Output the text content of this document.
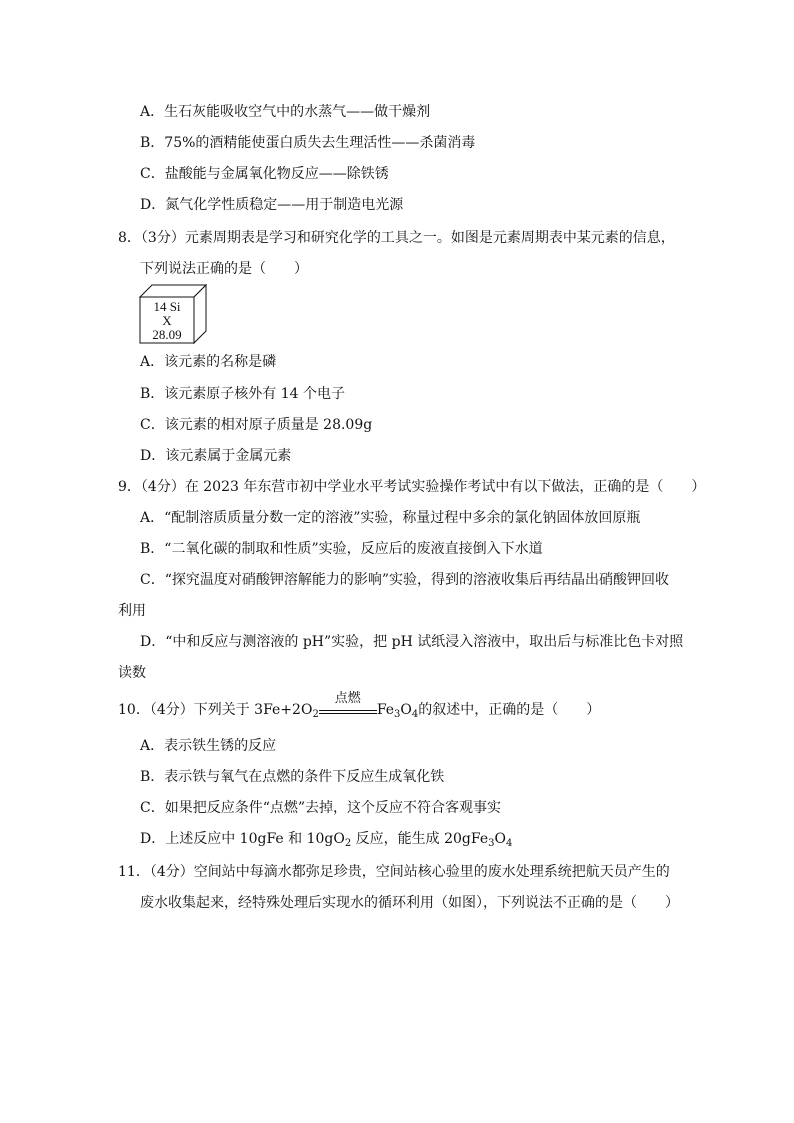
A．生石灰能吸收空气中的水蒸气——做干燥剂
B．75%的酒精能使蛋白质失去生理活性——杀菌消毒
C．盐酸能与金属氧化物反应——除铁锈
D．氮气化学性质稳定——用于制造电光源
8．（3分）元素周期表是学习和研究化学的工具之一。如图是元素周期表中某元素的信息，
下列说法正确的是（　　）
14 Si
X
28.09
A．该元素的名称是磷
B．该元素原子核外有 14 个电子
C．该元素的相对原子质量是 28.09g
D．该元素属于金属元素
9．（4分）在 2023 年东营市初中学业水平考试实验操作考试中有以下做法，正确的是（　　）
A．“配制溶质质量分数一定的溶液”实验，称量过程中多余的氯化钠固体放回原瓶
B．“二氧化碳的制取和性质”实验，反应后的废液直接倒入下水道
C．“探究温度对硝酸钾溶解能力的影响”实验，得到的溶液收集后再结晶出硝酸钾回收
利用
D．“中和反应与测溶液的 pH”实验，把 pH 试纸浸入溶液中，取出后与标准比色卡对照
读数
10．（4分）下列关于 $3Fe+2O_2$
点燃
$Fe_3O_4$的叙述中，正确的是（　　）
A．表示铁生锈的反应
B．表示铁与氧气在点燃的条件下反应生成氧化铁
C．如果把反应条件“点燃”去掉，这个反应不符合客观事实
D．上述反应中 10gFe 和 $10gO_2$ 反应，能生成 $20gFe_3O_4$
11．（4分）空间站中每滴水都弥足珍贵，空间站核心验里的废水处理系统把航天员产生的
废水收集起来，经特殊处理后实现水的循环利用（如图），下列说法不正确的是（　　）
